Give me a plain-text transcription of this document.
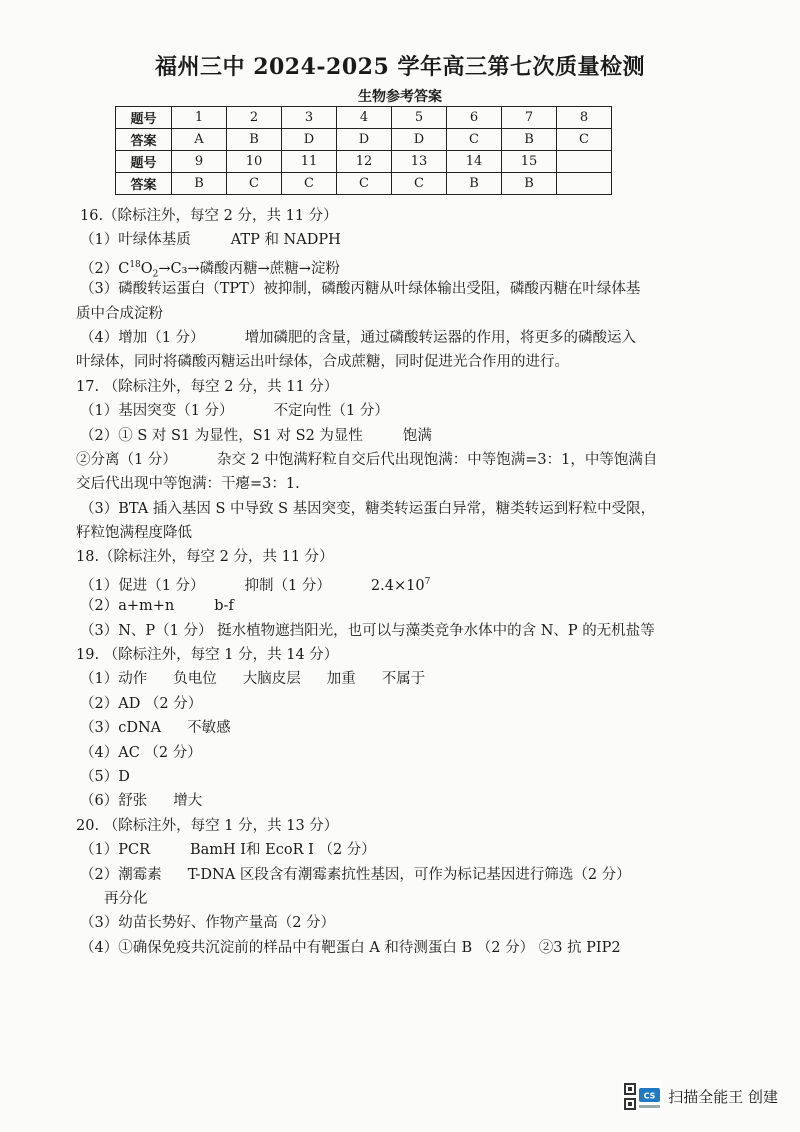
福州三中 2024-2025 学年高三第七次质量检测
生物参考答案
题号	1	2	3	4	5	6	7	8
答案	A	B	D	D	D	C	B	C
题号	9	10	11	12	13	14	15	
答案	B	C	C	C	C	B	B	
16.（除标注外，每空 2 分，共 11 分）
（1）叶绿体基质	ATP 和 NADPH
$(2)C^{18}O_2\to C_3\to$磷酸丙糖→蔗糖→淀粉
（3）磷酸转运蛋白（TPT）被抑制，磷酸丙糖从叶绿体输出受阻，磷酸丙糖在叶绿体基
质中合成淀粉
（4）增加（1 分）	增加磷肥的含量，通过磷酸转运器的作用，将更多的磷酸运入
叶绿体，同时将磷酸丙糖运出叶绿体，合成蔗糖，同时促进光合作用的进行。
17. （除标注外，每空 2 分，共 11 分）
（1）基因突变（1 分）	不定向性（1 分）
（2）① S 对 S1 为显性，S1 对 S2 为显性	饱满
②分离（1 分）	杂交 2 中饱满籽粒自交后代出现饱满：中等饱满=3：1，中等饱满自
交后代出现中等饱满：干瘪=3：1.
（3）BTA 插入基因 S 中导致 S 基因突变，糖类转运蛋白异常，糖类转运到籽粒中受限，
籽粒饱满程度降低
18.（除标注外，每空 2 分，共 11 分）
（1）促进（1 分）	抑制（1 分）	$2.4\times 10^7$
（2）a+m+n	b-f
（3）N、P（1 分） 挺水植物遮挡阳光，也可以与藻类竞争水体中的含 N、P 的无机盐等
19. （除标注外，每空 1 分，共 14 分）
（1）动作 负电位 大脑皮层 加重 不属于
（2）AD （2 分）
（3）cDNA 不敏感
（4）AC （2 分）
（5）D
（6）舒张 增大
20. （除标注外，每空 1 分，共 13 分）
（1）PCR	BamH Ⅰ和 EcoR Ⅰ （2 分）
（2）潮霉素 T-DNA 区段含有潮霉素抗性基因，可作为标记基因进行筛选（2 分）
再分化
（3）幼苗长势好、作物产量高（2 分）
（4）①确保免疫共沉淀前的样品中有靶蛋白 A 和待测蛋白 B （2 分） ②3 抗 PIP2
CS 扫描全能王 创建
